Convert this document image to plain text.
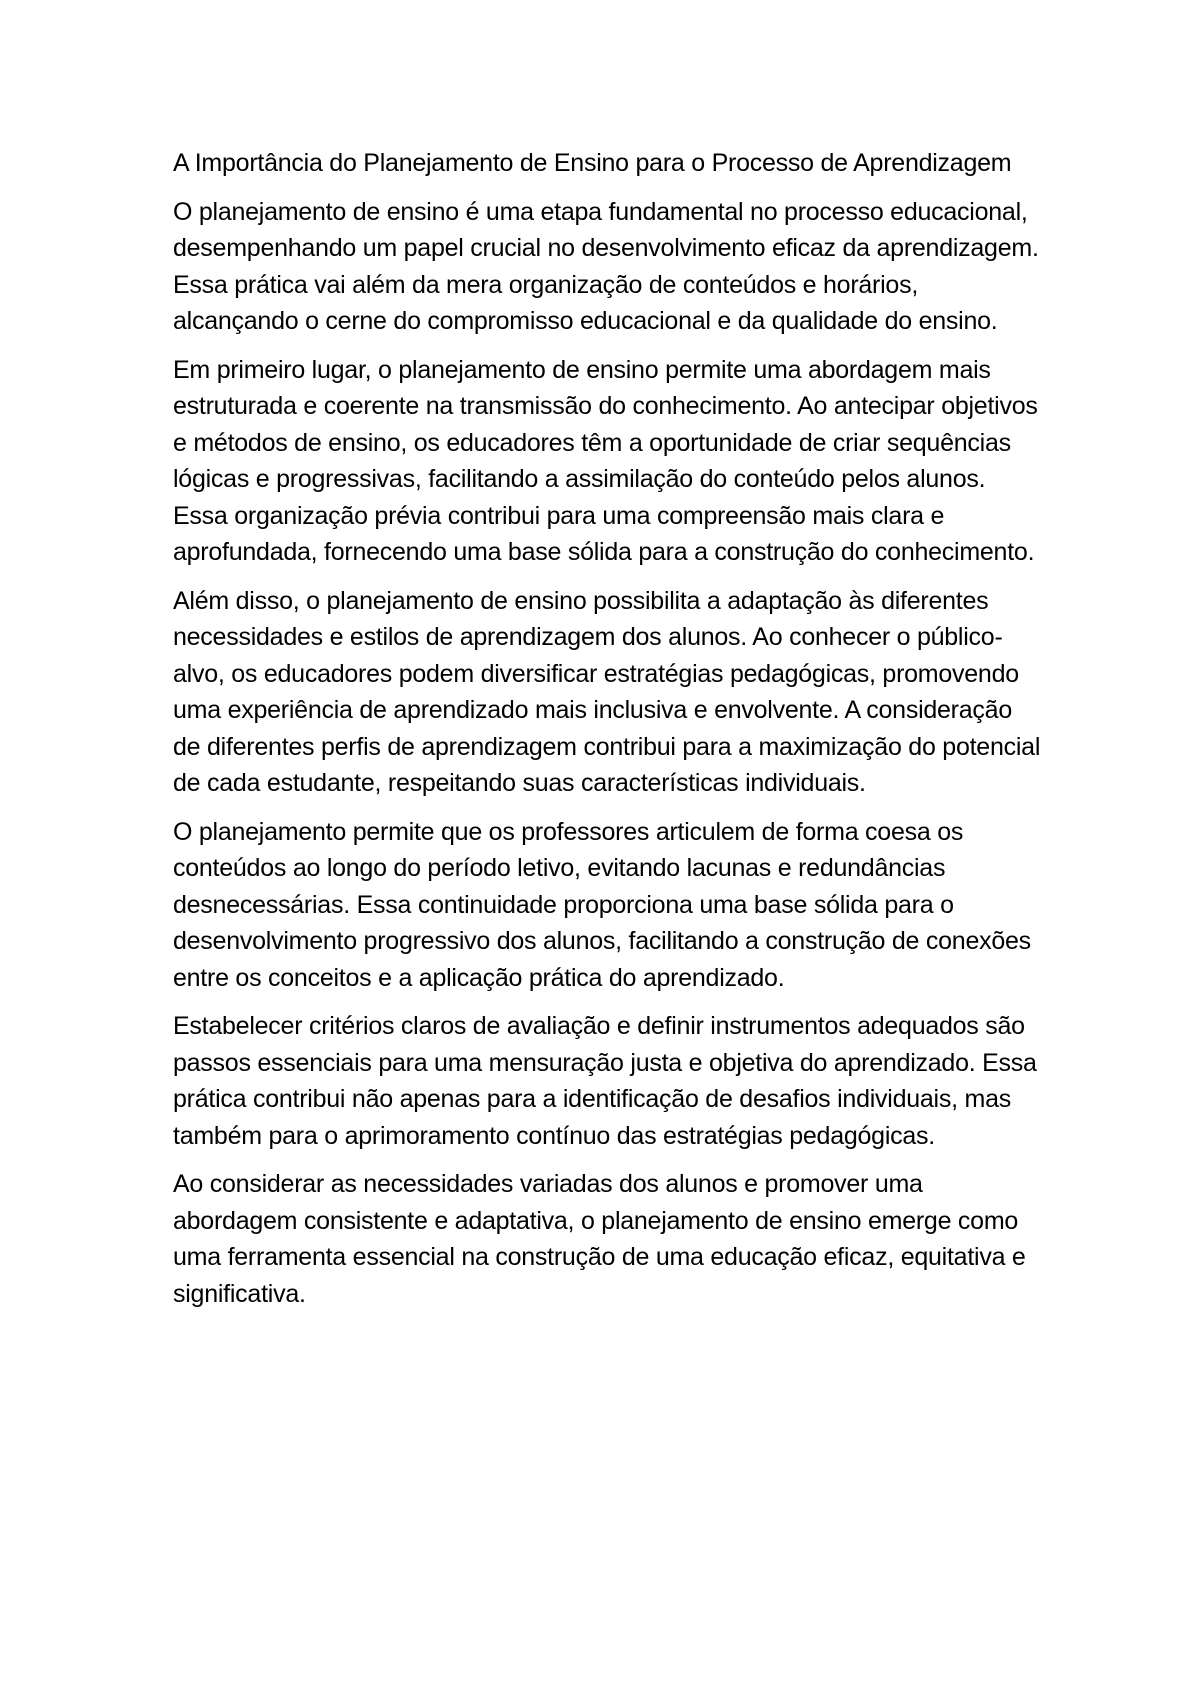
A Importância do Planejamento de Ensino para o Processo de Aprendizagem

O planejamento de ensino é uma etapa fundamental no processo educacional, desempenhando um papel crucial no desenvolvimento eficaz da aprendizagem. Essa prática vai além da mera organização de conteúdos e horários, alcançando o cerne do compromisso educacional e da qualidade do ensino.

Em primeiro lugar, o planejamento de ensino permite uma abordagem mais estruturada e coerente na transmissão do conhecimento. Ao antecipar objetivos e métodos de ensino, os educadores têm a oportunidade de criar sequências lógicas e progressivas, facilitando a assimilação do conteúdo pelos alunos. Essa organização prévia contribui para uma compreensão mais clara e aprofundada, fornecendo uma base sólida para a construção do conhecimento.

Além disso, o planejamento de ensino possibilita a adaptação às diferentes necessidades e estilos de aprendizagem dos alunos. Ao conhecer o público-alvo, os educadores podem diversificar estratégias pedagógicas, promovendo uma experiência de aprendizado mais inclusiva e envolvente. A consideração de diferentes perfis de aprendizagem contribui para a maximização do potencial de cada estudante, respeitando suas características individuais.

O planejamento permite que os professores articulem de forma coesa os conteúdos ao longo do período letivo, evitando lacunas e redundâncias desnecessárias. Essa continuidade proporciona uma base sólida para o desenvolvimento progressivo dos alunos, facilitando a construção de conexões entre os conceitos e a aplicação prática do aprendizado.

Estabelecer critérios claros de avaliação e definir instrumentos adequados são passos essenciais para uma mensuração justa e objetiva do aprendizado. Essa prática contribui não apenas para a identificação de desafios individuais, mas também para o aprimoramento contínuo das estratégias pedagógicas.

Ao considerar as necessidades variadas dos alunos e promover uma abordagem consistente e adaptativa, o planejamento de ensino emerge como uma ferramenta essencial na construção de uma educação eficaz, equitativa e significativa.
